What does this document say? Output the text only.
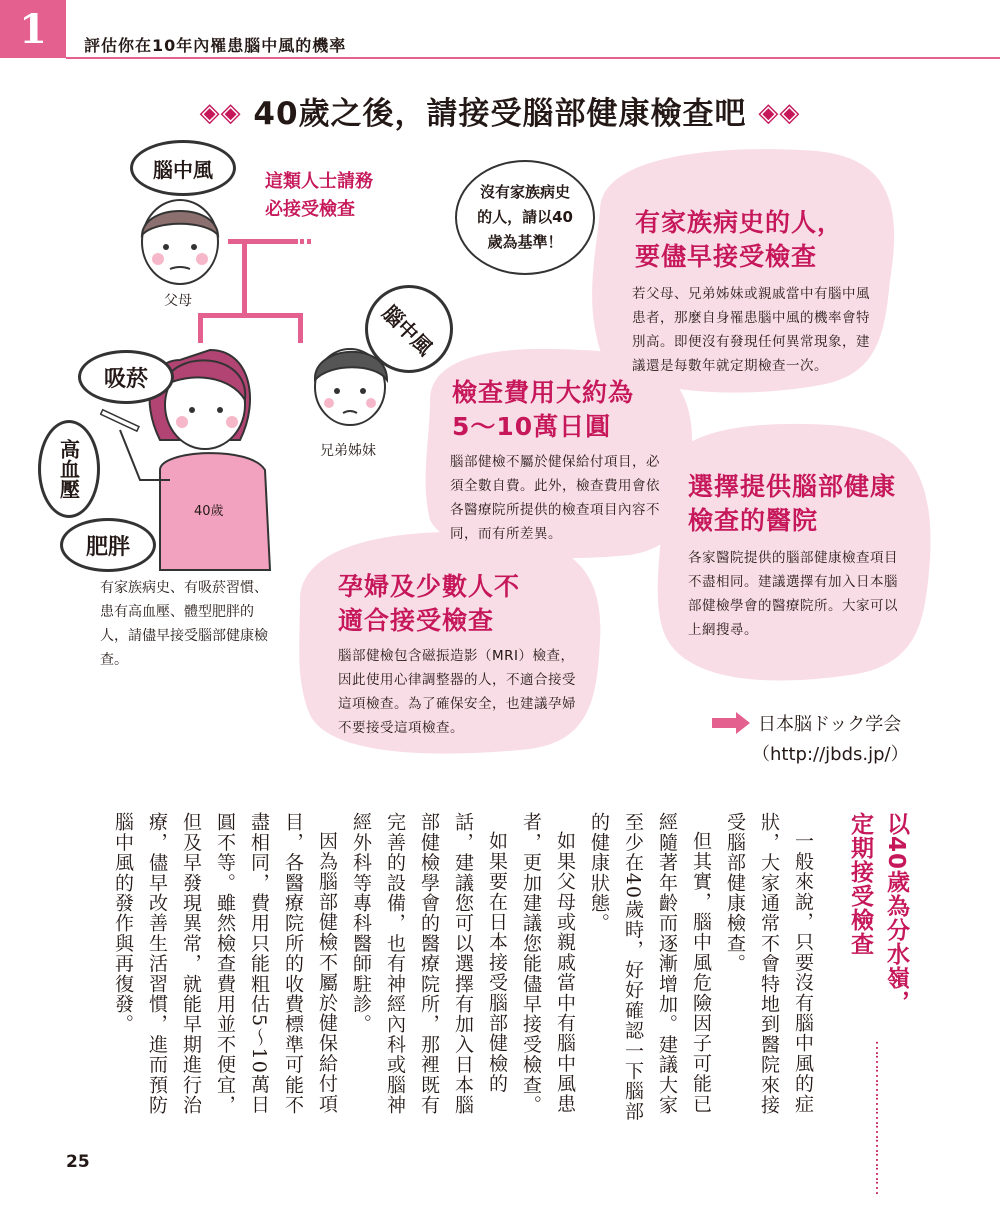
1	評估你在10年內罹患腦中風的機率
◈◈ 40歲之後，請接受腦部健康檢查吧 ◈◈
腦中風
腦中風
吸菸
高血壓
肥胖
這類人士請務
必接受檢查
父母
兄弟姊妹
40歲
有家族病史、有吸菸習慣、患有高血壓、體型肥胖的人，請儘早接受腦部健康檢查。
沒有家族病史的人，請以40歲為基準！
有家族病史的人，要儘早接受檢查
若父母、兄弟姊妹或親戚當中有腦中風患者，那麼自身罹患腦中風的機率會特別高。即便沒有發現任何異常現象，建議還是每數年就定期檢查一次。
檢查費用大約為5～10萬日圓
腦部健檢不屬於健保給付項目，必須全數自費。此外，檢查費用會依各醫療院所提供的檢查項目內容不同，而有所差異。
選擇提供腦部健康檢查的醫院
各家醫院提供的腦部健康檢查項目不盡相同。建議選擇有加入日本腦部健檢學會的醫療院所。大家可以上網搜尋。
孕婦及少數人不適合接受檢查
腦部健檢包含磁振造影（MRI）檢查，因此使用心律調整器的人，不適合接受這項檢查。為了確保安全，也建議孕婦不要接受這項檢查。	日本脳ドック学会
（http://jbds.jp/）
以40歲為分水嶺，
定期接受檢查
⋯⋯⋯⋯⋯⋯⋯⋯⋯⋯⋯

一般來說，只要沒有腦中風的症狀，大家通常不會特地到醫院來接受腦部健康檢查。

但其實，腦中風危險因子可能已經隨著年齡而逐漸增加。建議大家至少在40歲時，好好確認一下腦部的健康狀態。

如果父母或親戚當中有腦中風患者，更加建議您能儘早接受檢查。

如果要在日本接受腦部健檢的話，建議您可以選擇有加入日本腦部健檢學會的醫療院所，那裡既有完善的設備，也有神經內科或腦神經外科等專科醫師駐診。

因為腦部健檢不屬於健保給付項目，各醫療院所的收費標準可能不盡相同，費用只能粗估5～10萬日圓不等。雖然檢查費用並不便宜，但及早發現異常，就能早期進行治療，儘早改善生活習慣，進而預防腦中風的發作與再復發。

25
